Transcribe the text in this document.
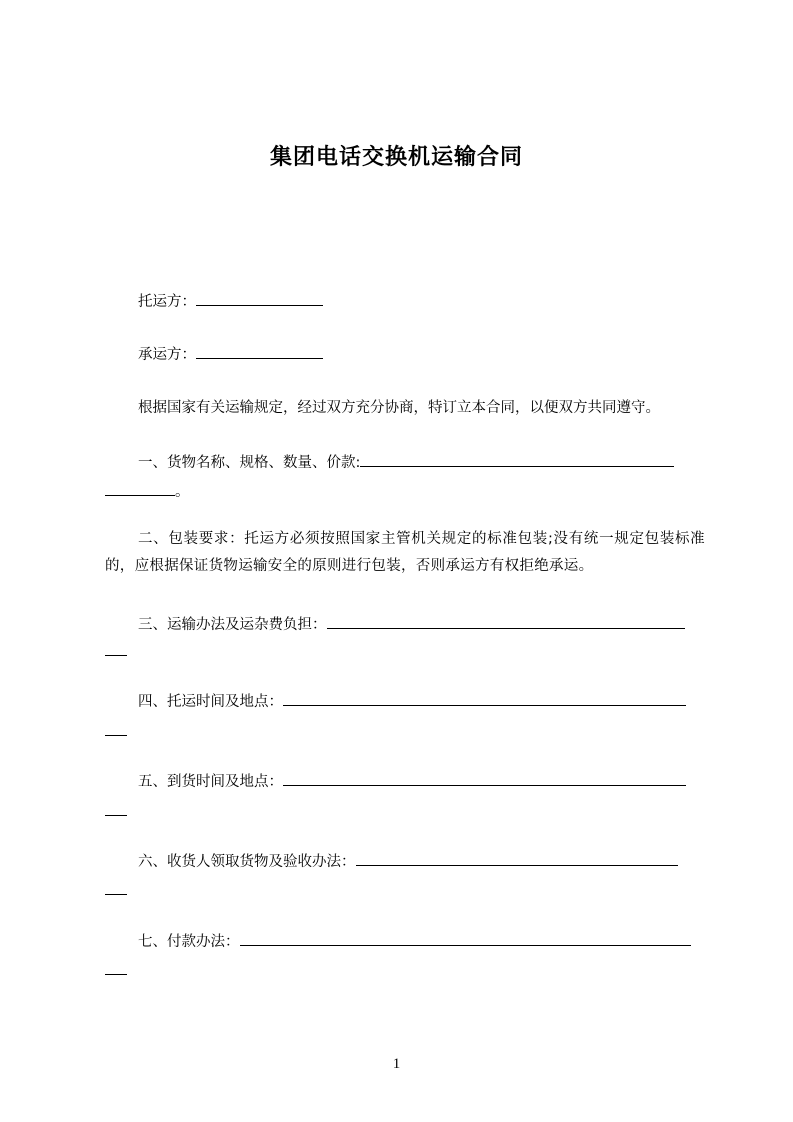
集团电话交换机运输合同
托运方：
承运方：
根据国家有关运输规定，经过双方充分协商，特订立本合同，以便双方共同遵守。
一、货物名称、规格、数量、价款:
。
二、包装要求：托运方必须按照国家主管机关规定的标准包装;没有统一规定包装标准的，应根据保证货物运输安全的原则进行包装，否则承运方有权拒绝承运。
三、运输办法及运杂费负担：
四、托运时间及地点：
五、到货时间及地点：
六、收货人领取货物及验收办法：
七、付款办法：
1
